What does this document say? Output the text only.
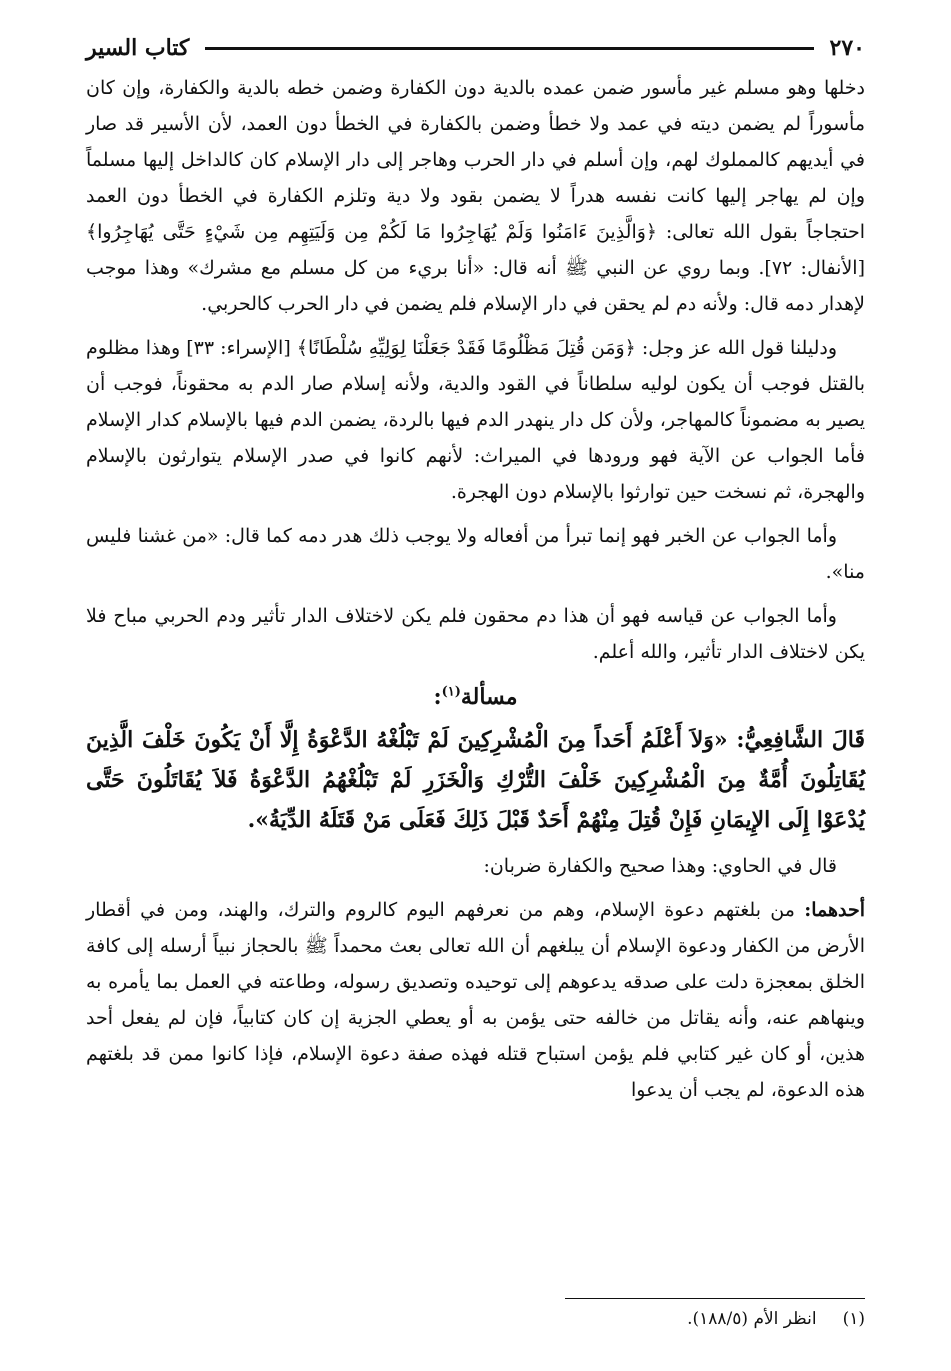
٢٧٠
كتاب السير

دخلها وهو مسلم غير مأسور ضمن عمده بالدية دون الكفارة وضمن خطه بالدية والكفارة، وإن كان مأسوراً لم يضمن ديته في عمد ولا خطأ وضمن بالكفارة في الخطأ دون العمد، لأن الأسير قد صار في أيديهم كالمملوك لهم، وإن أسلم في دار الحرب وهاجر إلى دار الإسلام كان كالداخل إليها مسلماً وإن لم يهاجر إليها كانت نفسه هدراً لا يضمن بقود ولا دية وتلزم الكفارة في الخطأ دون العمد احتجاجاً بقول الله تعالى: ﴿وَالَّذِينَ ءَامَنُوا وَلَمْ يُهَاجِرُوا مَا لَكُمْ مِن وَلَيَتِهِم مِن شَيْءٍ حَتَّى يُهَاجِرُوا﴾ [الأنفال: ٧٢]. وبما روي عن النبي ﷺ أنه قال: «أنا بريء من كل مسلم مع مشرك» وهذا موجب لإهدار دمه قال: ولأنه دم لم يحقن في دار الإسلام فلم يضمن في دار الحرب كالحربي.

ودليلنا قول الله عز وجل: ﴿وَمَن قُتِلَ مَظْلُومًا فَقَدْ جَعَلْنَا لِوَلِيِّهِ سُلْطَانًا﴾ [الإسراء: ٣٣] وهذا مظلوم بالقتل فوجب أن يكون لوليه سلطاناً في القود والدية، ولأنه إسلام صار الدم به محقوناً، فوجب أن يصير به مضموناً كالمهاجر، ولأن كل دار ينهدر الدم فيها بالردة، يضمن الدم فيها بالإسلام كدار الإسلام فأما الجواب عن الآية فهو ورودها في الميراث: لأنهم كانوا في صدر الإسلام يتوارثون بالإسلام والهجرة، ثم نسخت حين توارثوا بالإسلام دون الهجرة.

وأما الجواب عن الخبر فهو إنما تبرأ من أفعاله ولا يوجب ذلك هدر دمه كما قال: «من غشنا فليس منا».

وأما الجواب عن قياسه فهو أن هذا دم محقون فلم يكن لاختلاف الدار تأثير ودم الحربي مباح فلا يكن لاختلاف الدار تأثير، والله أعلم.

مسألة$^{(١)}$:

قَالَ الشَّافِعِيُّ: «وَلاَ أَعْلَمُ أَحَداً مِنَ الْمُشْرِكِينَ لَمْ تَبْلُغْهُ الدَّعْوَةُ إِلَّا أَنْ يَكُونَ خَلْفَ الَّذِينَ يُقَاتِلُونَ أُمَّةٌ مِنَ الْمُشْرِكِينَ خَلْفَ التُّرْكِ وَالْخَزَرِ لَمْ تَبْلُغْهُمُ الدَّعْوَةُ فَلاَ يُقَاتَلُونَ حَتَّى يُدْعَوْا إِلَى الإِيمَانِ فَإِنْ قُتِلَ مِنْهُمْ أَحَدٌ قَبْلَ ذَلِكَ فَعَلَى مَنْ قَتَلَهُ الدِّيَةُ».

قال في الحاوي: وهذا صحيح والكفارة ضربان:

أحدهما: من بلغتهم دعوة الإسلام، وهم من نعرفهم اليوم كالروم والترك، والهند، ومن في أقطار الأرض من الكفار ودعوة الإسلام أن يبلغهم أن الله تعالى بعث محمداً ﷺ بالحجاز نبياً أرسله إلى كافة الخلق بمعجزة دلت على صدقه يدعوهم إلى توحيده وتصديق رسوله، وطاعته في العمل بما يأمره به وينهاهم عنه، وأنه يقاتل من خالفه حتى يؤمن به أو يعطي الجزية إن كان كتابياً، فإن لم يفعل أحد هذين، أو كان غير كتابي فلم يؤمن استباح قتله فهذه صفة دعوة الإسلام، فإذا كانوا ممن قد بلغتهم هذه الدعوة، لم يجب أن يدعوا

(١)
انظر الأم (١٨٨/٥).
